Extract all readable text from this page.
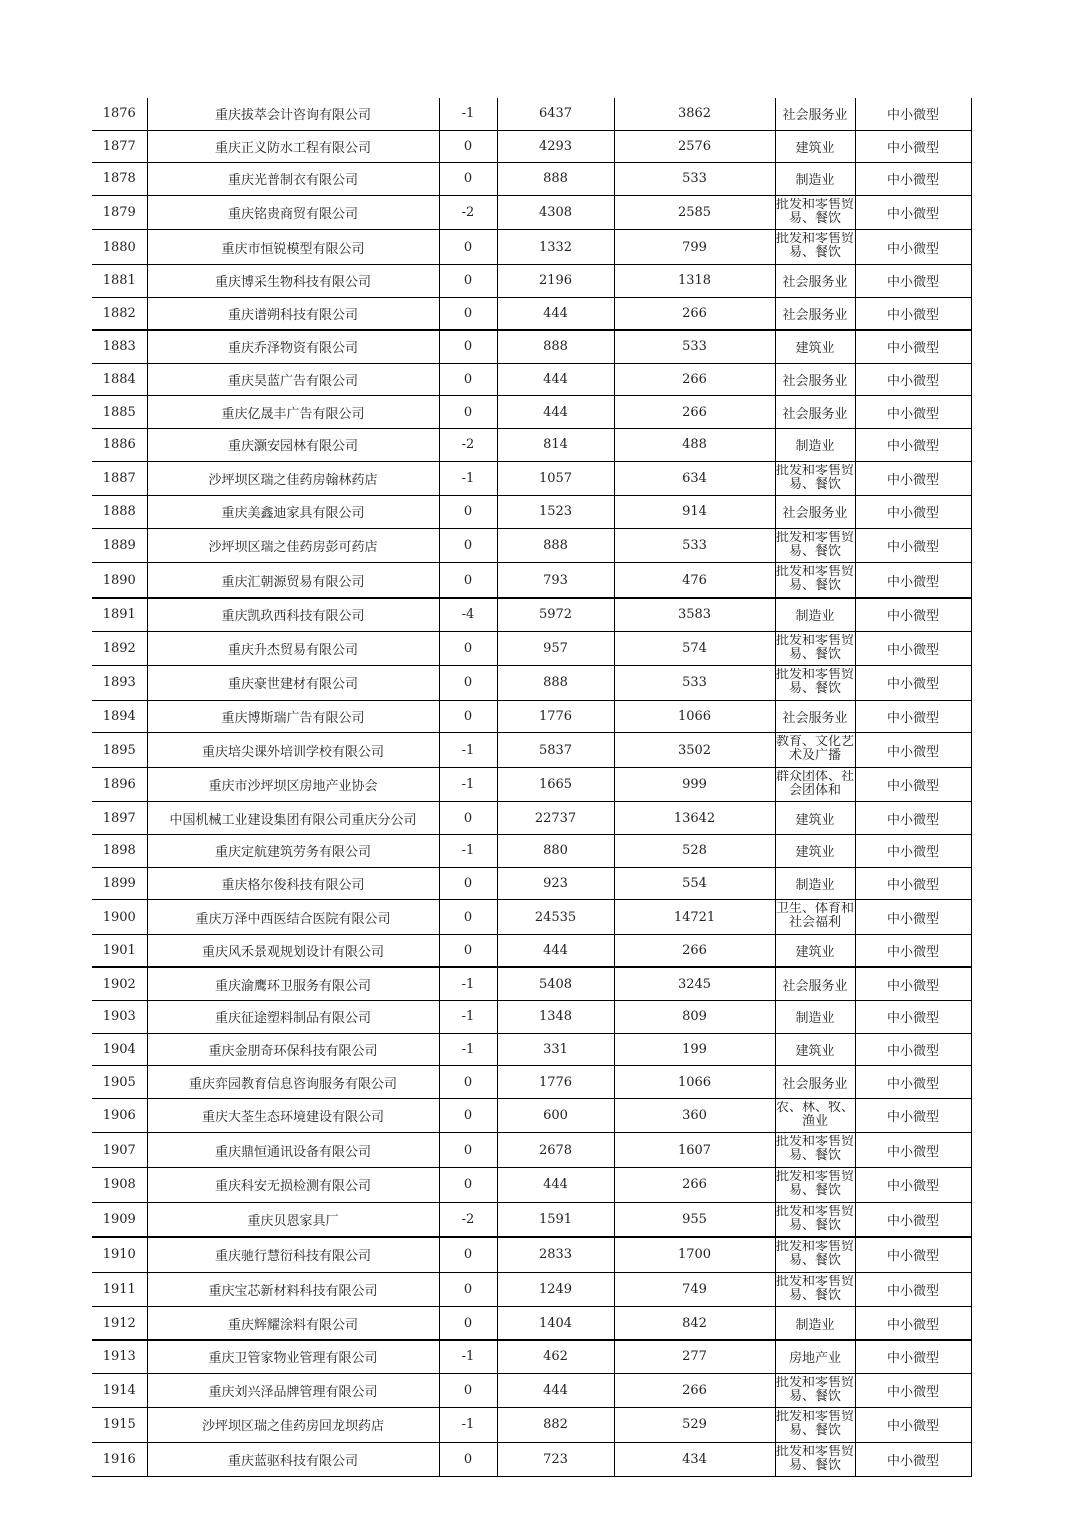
1876	重庆拔萃会计咨询有限公司	-1	6437	3862	社会服务业	中小微型
1877	重庆正义防水工程有限公司	0	4293	2576	建筑业	中小微型
1878	重庆光普制衣有限公司	0	888	533	制造业	中小微型
1879	重庆铭贵商贸有限公司	-2	4308	2585	批发和零售贸易、餐饮	中小微型
1880	重庆市恒锐模型有限公司	0	1332	799	批发和零售贸易、餐饮	中小微型
1881	重庆博采生物科技有限公司	0	2196	1318	社会服务业	中小微型
1882	重庆谱朔科技有限公司	0	444	266	社会服务业	中小微型
1883	重庆乔泽物资有限公司	0	888	533	建筑业	中小微型
1884	重庆昊蓝广告有限公司	0	444	266	社会服务业	中小微型
1885	重庆亿晟丰广告有限公司	0	444	266	社会服务业	中小微型
1886	重庆灏安园林有限公司	-2	814	488	制造业	中小微型
1887	沙坪坝区瑞之佳药房翰林药店	-1	1057	634	批发和零售贸易、餐饮	中小微型
1888	重庆美鑫迪家具有限公司	0	1523	914	社会服务业	中小微型
1889	沙坪坝区瑞之佳药房彭可药店	0	888	533	批发和零售贸易、餐饮	中小微型
1890	重庆汇朝源贸易有限公司	0	793	476	批发和零售贸易、餐饮	中小微型
1891	重庆凯玖西科技有限公司	-4	5972	3583	制造业	中小微型
1892	重庆升杰贸易有限公司	0	957	574	批发和零售贸易、餐饮	中小微型
1893	重庆豪世建材有限公司	0	888	533	批发和零售贸易、餐饮	中小微型
1894	重庆博斯瑞广告有限公司	0	1776	1066	社会服务业	中小微型
1895	重庆培尖课外培训学校有限公司	-1	5837	3502	教育、文化艺术及广播	中小微型
1896	重庆市沙坪坝区房地产业协会	-1	1665	999	群众团体、社会团体和	中小微型
1897	中国机械工业建设集团有限公司重庆分公司	0	22737	13642	建筑业	中小微型
1898	重庆定航建筑劳务有限公司	-1	880	528	建筑业	中小微型
1899	重庆格尔俊科技有限公司	0	923	554	制造业	中小微型
1900	重庆万泽中西医结合医院有限公司	0	24535	14721	卫生、体育和社会福利	中小微型
1901	重庆风禾景观规划设计有限公司	0	444	266	建筑业	中小微型
1902	重庆渝鹰环卫服务有限公司	-1	5408	3245	社会服务业	中小微型
1903	重庆征途塑料制品有限公司	-1	1348	809	制造业	中小微型
1904	重庆金朋奇环保科技有限公司	-1	331	199	建筑业	中小微型
1905	重庆弈园教育信息咨询服务有限公司	0	1776	1066	社会服务业	中小微型
1906	重庆大荃生态环境建设有限公司	0	600	360	农、林、牧、渔业	中小微型
1907	重庆鼎恒通讯设备有限公司	0	2678	1607	批发和零售贸易、餐饮	中小微型
1908	重庆科安无损检测有限公司	0	444	266	批发和零售贸易、餐饮	中小微型
1909	重庆贝恩家具厂	-2	1591	955	批发和零售贸易、餐饮	中小微型
1910	重庆驰行慧衍科技有限公司	0	2833	1700	批发和零售贸易、餐饮	中小微型
1911	重庆宝芯新材料科技有限公司	0	1249	749	批发和零售贸易、餐饮	中小微型
1912	重庆辉耀涂料有限公司	0	1404	842	制造业	中小微型
1913	重庆卫管家物业管理有限公司	-1	462	277	房地产业	中小微型
1914	重庆刘兴泽品牌管理有限公司	0	444	266	批发和零售贸易、餐饮	中小微型
1915	沙坪坝区瑞之佳药房回龙坝药店	-1	882	529	批发和零售贸易、餐饮	中小微型
1916	重庆蓝驱科技有限公司	0	723	434	批发和零售贸易、餐饮	中小微型
